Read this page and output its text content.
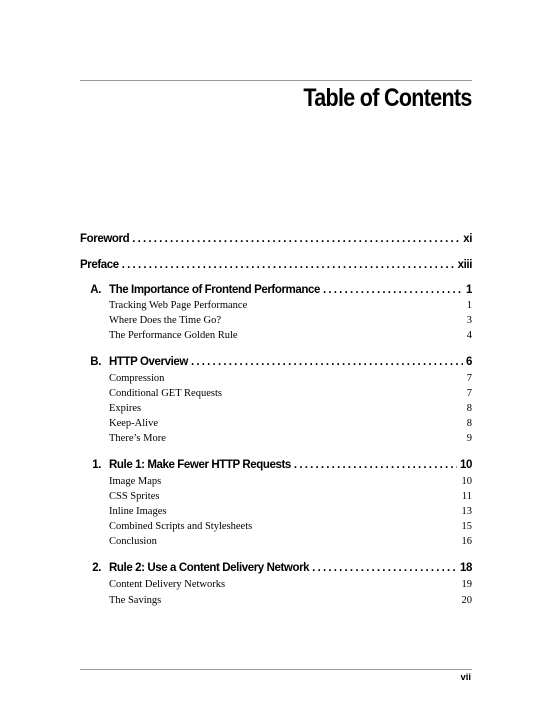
Table of Contents
Foreword .....	xi
Preface .....	xiii
A. The Importance of Frontend Performance .....	1
Tracking Web Page Performance	1
Where Does the Time Go?	3
The Performance Golden Rule	4
B. HTTP Overview .....	6
Compression	7
Conditional GET Requests	7
Expires	8
Keep-Alive	8
There’s More	9
1. Rule 1: Make Fewer HTTP Requests .....	10
Image Maps	10
CSS Sprites	11
Inline Images	13
Combined Scripts and Stylesheets	15
Conclusion	16
2. Rule 2: Use a Content Delivery Network .....	18
Content Delivery Networks	19
The Savings	20
vii
